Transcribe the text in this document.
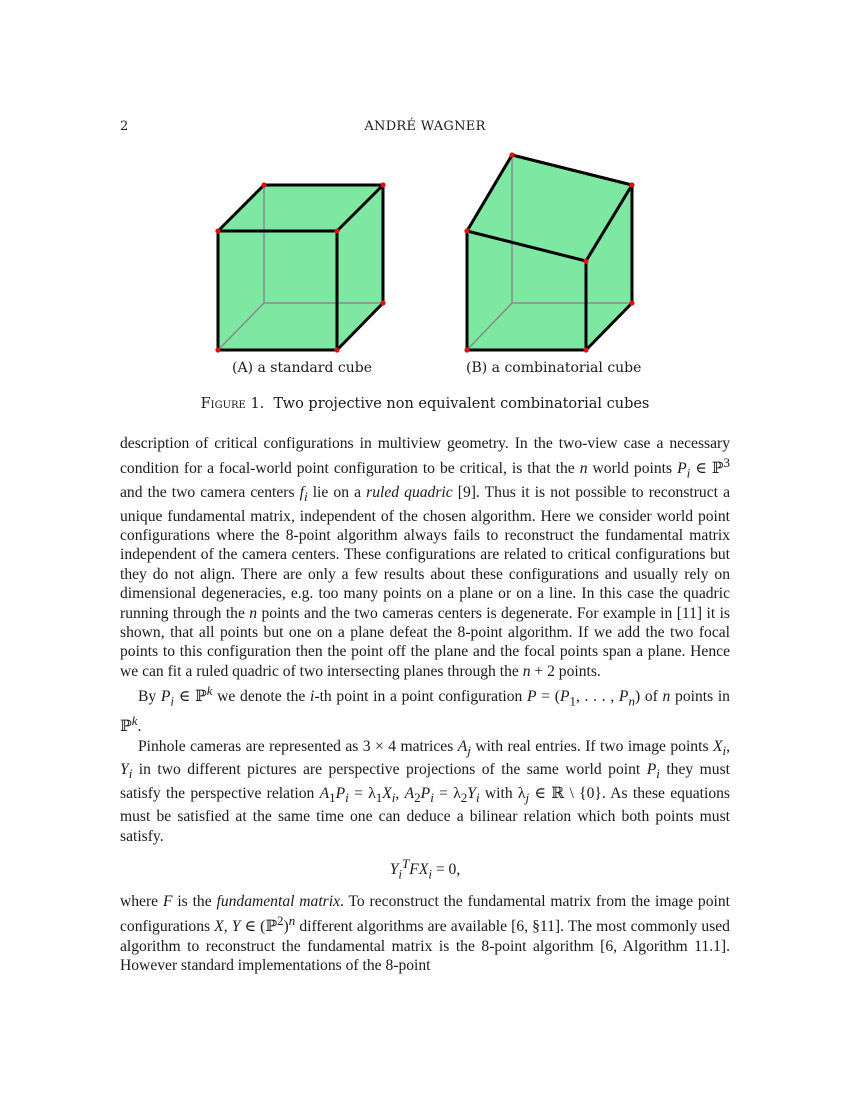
2	ANDRÉ WAGNER
(A) a standard cube	(B) a combinatorial cube
Figure 1. Two projective non equivalent combinatorial cubes

description of critical configurations in multiview geometry. In the two-view case a necessary condition for a focal-world point configuration to be critical, is that the n world points $P_i$ ∈ ℙ$^3$ and the two camera centers $f_i$ lie on a ruled quadric [9]. Thus it is not possible to reconstruct a unique fundamental matrix, independent of the chosen algorithm. Here we consider world point configurations where the 8-point algorithm always fails to reconstruct the fundamental matrix independent of the camera centers. These configurations are related to critical configurations but they do not align. There are only a few results about these configurations and usually rely on dimensional degeneracies, e.g. too many points on a plane or on a line. In this case the quadric running through the n points and the two cameras centers is degenerate. For example in [11] it is shown, that all points but one on a plane defeat the 8-point algorithm. If we add the two focal points to this configuration then the point off the plane and the focal points span a plane. Hence we can fit a ruled quadric of two intersecting planes through the n + 2 points.

By $P_i$ ∈ ℙ$^k$ we denote the i-th point in a point configuration $P = (P_1$, . . . , $P_n$) of n points in ℙ$^k$.

Pinhole cameras are represented as 3 × 4 matrices $A_j$ with real entries. If two image points $X_i$, $Y_i$ in two different pictures are perspective projections of the same world point $P_i$ they must satisfy the perspective relation $A_1P_i = \lambda_1X_i$, $A_2P_i = \lambda_2Y_i$ with $\lambda_j$ ∈ ℝ \ {0}. As these equations must be satisfied at the same time one can deduce a bilinear relation which both points must satisfy.

$Y_i^TFX_i = 0$,

where F is the fundamental matrix. To reconstruct the fundamental matrix from the image point configurations X, Y ∈ (ℙ$^2$)$^n$ different algorithms are available [6, §11]. The most commonly used algorithm to reconstruct the fundamental matrix is the 8-point algorithm [6, Algorithm 11.1]. However standard implementations of the 8-point
